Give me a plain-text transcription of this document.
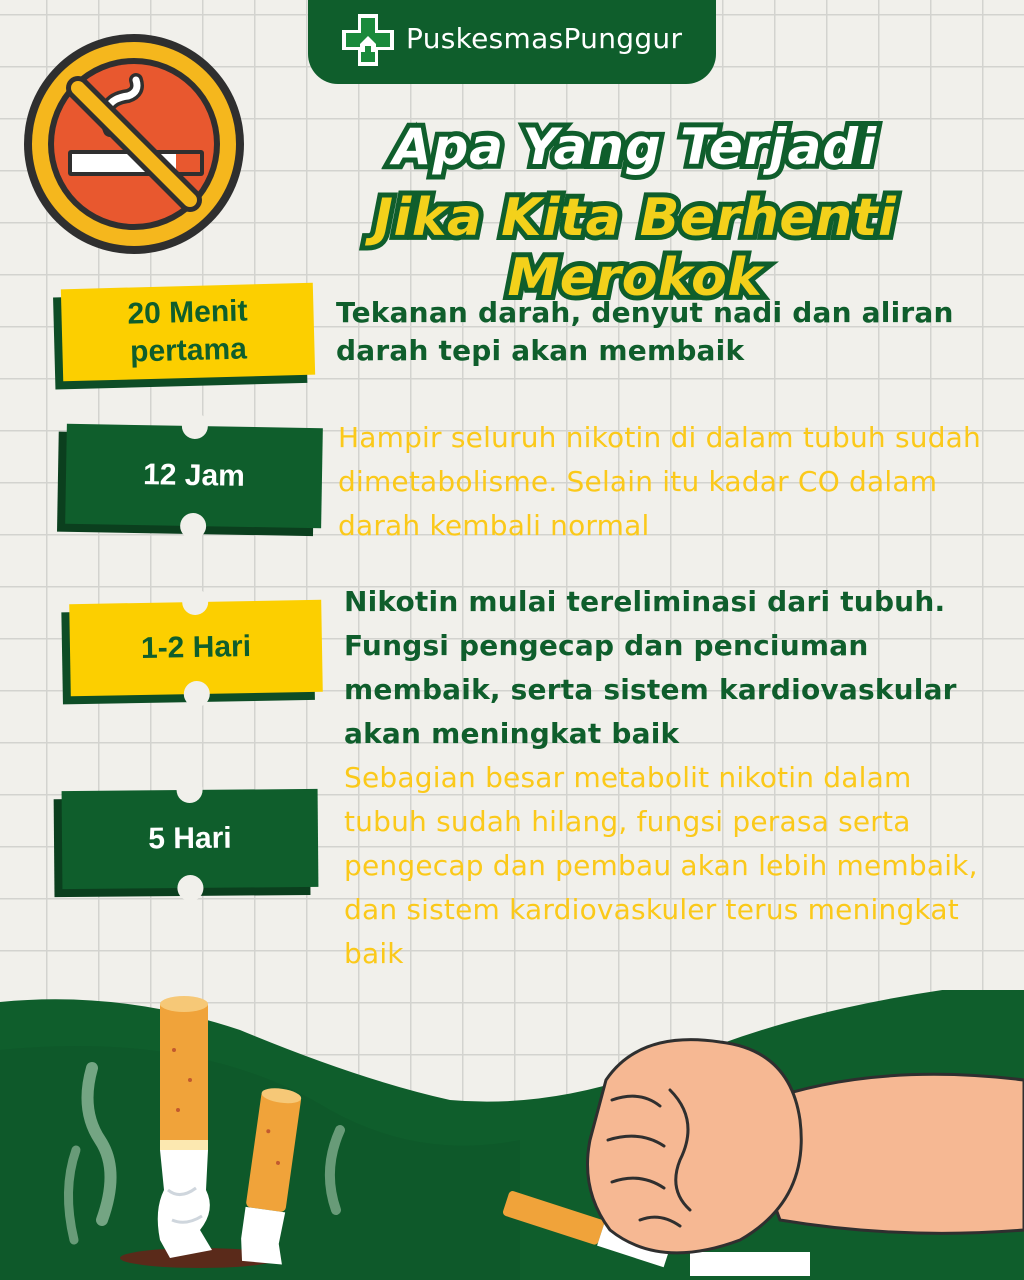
PuskesmasPunggur
Apa Yang Terjadi
Jika Kita Berhenti Merokok
20 Menit pertama
Tekanan darah, denyut nadi dan aliran darah tepi akan membaik
12 Jam
Hampir seluruh nikotin di dalam tubuh sudah dimetabolisme. Selain itu kadar CO dalam darah kembali normal
1-2 Hari
Nikotin mulai tereliminasi dari tubuh. Fungsi pengecap dan penciuman membaik, serta sistem kardiovaskular akan meningkat baik
5 Hari
Sebagian besar metabolit nikotin dalam tubuh sudah hilang, fungsi perasa serta pengecap dan pembau akan lebih membaik, dan sistem kardiovaskuler terus meningkat baik
